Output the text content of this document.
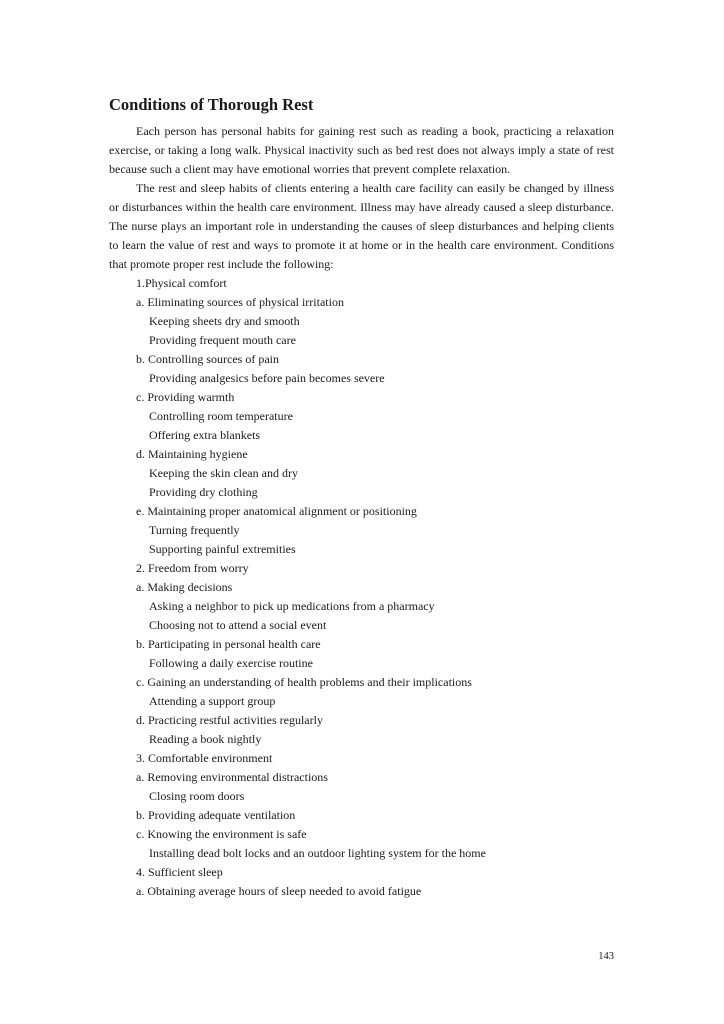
Conditions of Thorough Rest

Each person has personal habits for gaining rest such as reading a book, practicing a relaxation exercise, or taking a long walk. Physical inactivity such as bed rest does not always imply a state of rest because such a client may have emotional worries that prevent complete relaxation.

The rest and sleep habits of clients entering a health care facility can easily be changed by illness or disturbances within the health care environment. Illness may have already caused a sleep disturbance. The nurse plays an important role in understanding the causes of sleep disturbances and helping clients to learn the value of rest and ways to promote it at home or in the health care environment. Conditions that promote proper rest include the following:

1.Physical comfort
a. Eliminating sources of physical irritation
Keeping sheets dry and smooth
Providing frequent mouth care
b. Controlling sources of pain
Providing analgesics before pain becomes severe
c. Providing warmth
Controlling room temperature
Offering extra blankets
d. Maintaining hygiene
Keeping the skin clean and dry
Providing dry clothing
e. Maintaining proper anatomical alignment or positioning
Turning frequently
Supporting painful extremities
2. Freedom from worry
a. Making decisions
Asking a neighbor to pick up medications from a pharmacy
Choosing not to attend a social event
b. Participating in personal health care
Following a daily exercise routine
c. Gaining an understanding of health problems and their implications
Attending a support group
d. Practicing restful activities regularly
Reading a book nightly
3. Comfortable environment
a. Removing environmental distractions
Closing room doors
b. Providing adequate ventilation
c. Knowing the environment is safe
Installing dead bolt locks and an outdoor lighting system for the home
4. Sufficient sleep
a. Obtaining average hours of sleep needed to avoid fatigue
143
